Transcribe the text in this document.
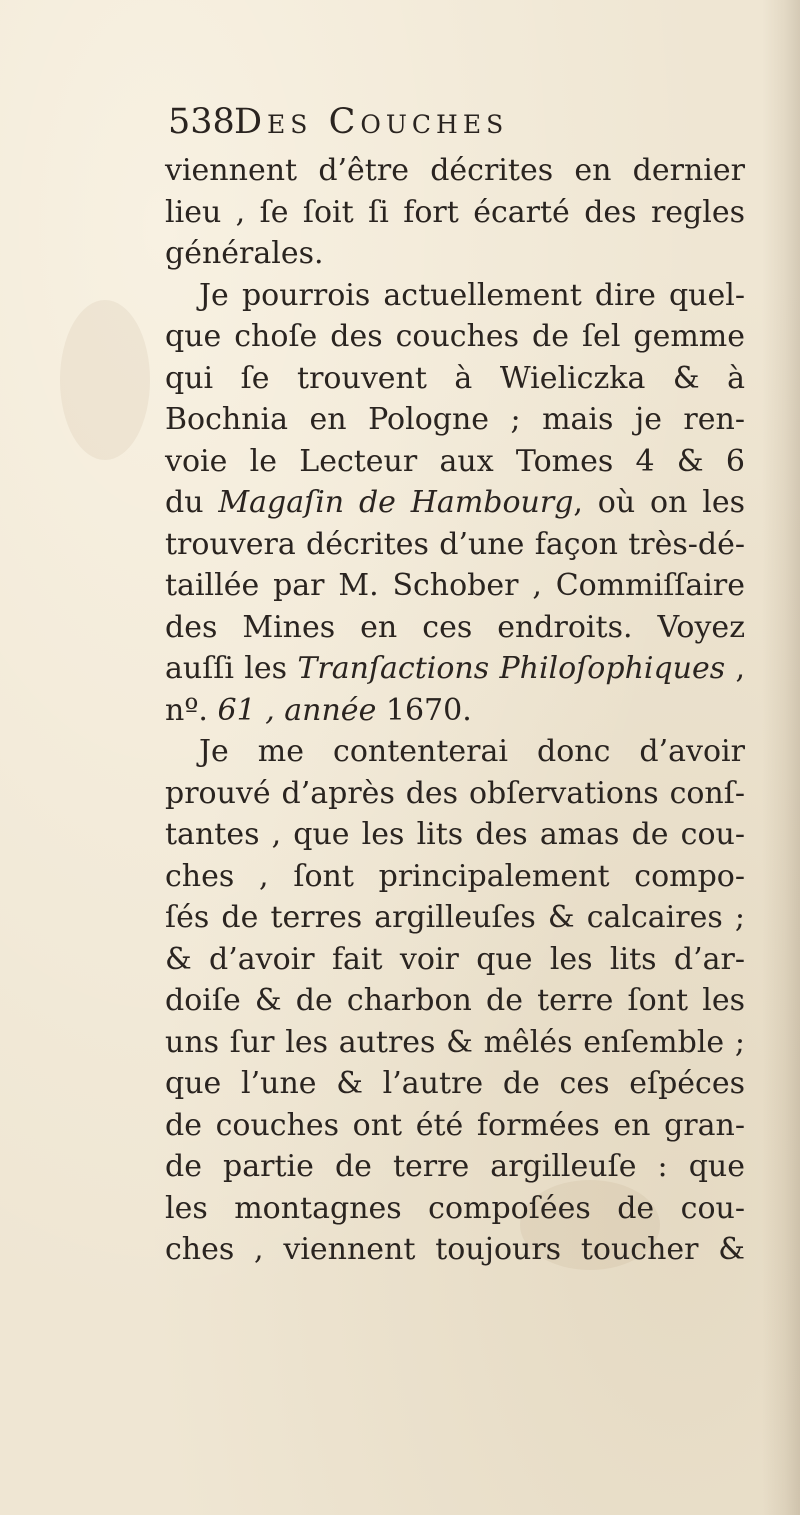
538Des Couches
viennent d’être décrites en dernier
lieu , ſe ſoit ſi fort écarté des regles
générales.
Je pourrois actuellement dire quel-
que choſe des couches de ſel gemme
qui ſe trouvent à Wieliczka & à
Bochnia en Pologne ; mais je ren-
voie le Lecteur aux Tomes 4 & 6
du Magaſin de Hambourg, où on les
trouvera décrites d’une façon très-dé-
taillée par M. Schober , Commiſſaire
des Mines en ces endroits. Voyez
auſſi les Tranſactions Philoſophiques ,
nº. 61 , année 1670.
Je me contenterai donc d’avoir
prouvé d’après des obſervations conſ-
tantes , que les lits des amas de cou-
ches , ſont principalement compo-
ſés de terres argilleuſes & calcaires ;
& d’avoir fait voir que les lits d’ar-
doiſe & de charbon de terre ſont les
uns ſur les autres & mêlés enſemble ;
que l’une & l’autre de ces eſpéces
de couches ont été formées en gran-
de partie de terre argilleuſe : que
les montagnes compoſées de cou-
ches , viennent toujours toucher &
